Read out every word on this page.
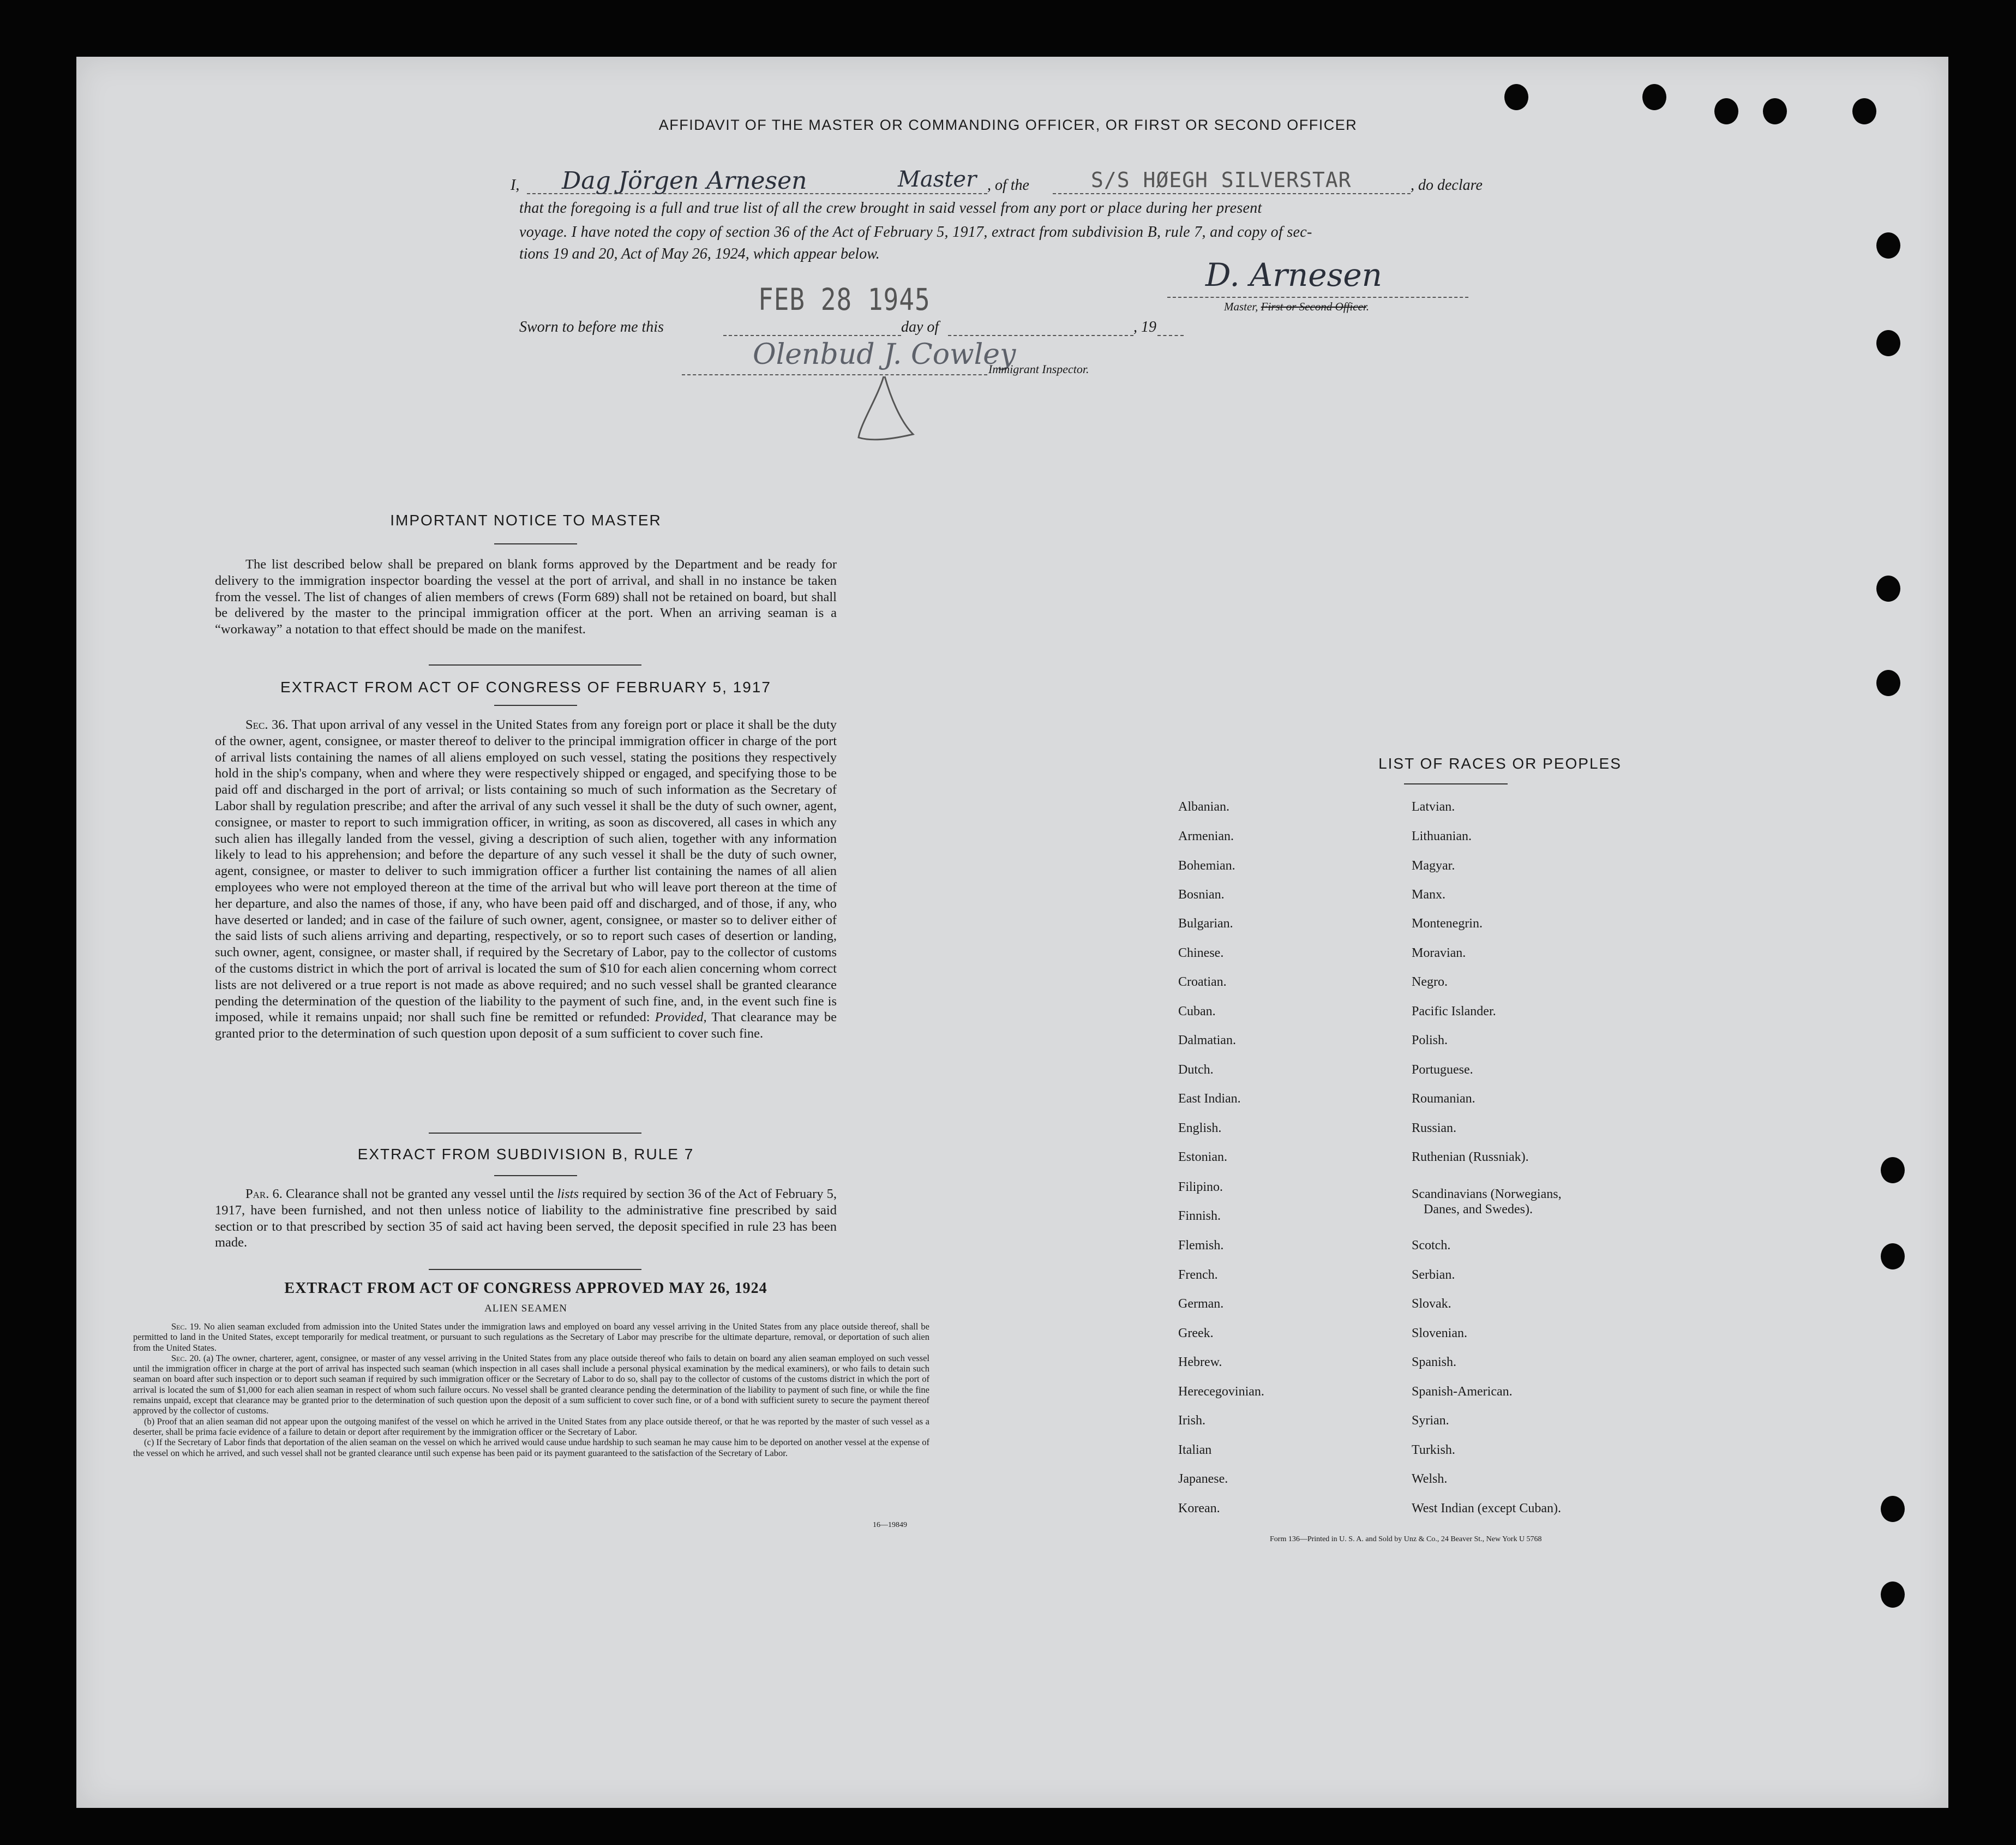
AFFIDAVIT OF THE MASTER OR COMMANDING OFFICER, OR FIRST OR SECOND OFFICER
I, Dag Jörgen Arnesen	Master , of the	S/S HØEGH SILVERSTAR	, do declare
that the foregoing is a full and true list of all the crew brought in said vessel from any port or place during her present
voyage. I have noted the copy of section 36 of the Act of February 5, 1917, extract from subdivision B, rule 7, and copy of sec-
tions 19 and 20, Act of May 26, 1924, which appear below.
D. Arnesen
Master, First or Second Officer.
FEB 28 1945
Sworn to before me this	day of	, 19
Olenbud J. Cowley
Immigrant Inspector.
IMPORTANT NOTICE TO MASTER
The list described below shall be prepared on blank forms approved by the Department and be ready for delivery to the immigration inspector boarding the vessel at the port of arrival, and shall in no instance be taken from the vessel. The list of changes of alien members of crews (Form 689) shall not be retained on board, but shall be delivered by the master to the principal immigration officer at the port. When an arriving seaman is a “workaway” a notation to that effect should be made on the manifest.
EXTRACT FROM ACT OF CONGRESS OF FEBRUARY 5, 1917
Sec. 36. That upon arrival of any vessel in the United States from any foreign port or place it shall be the duty of the owner, agent, consignee, or master thereof to deliver to the principal immigration officer in charge of the port of arrival lists containing the names of all aliens employed on such vessel, stating the positions they respectively hold in the ship's company, when and where they were respectively shipped or engaged, and specifying those to be paid off and discharged in the port of arrival; or lists containing so much of such information as the Secretary of Labor shall by regulation prescribe; and after the arrival of any such vessel it shall be the duty of such owner, agent, consignee, or master to report to such immigration officer, in writing, as soon as discovered, all cases in which any such alien has illegally landed from the vessel, giving a description of such alien, together with any information likely to lead to his apprehension; and before the departure of any such vessel it shall be the duty of such owner, agent, consignee, or master to deliver to such immigration officer a further list containing the names of all alien employees who were not employed thereon at the time of the arrival but who will leave port thereon at the time of her departure, and also the names of those, if any, who have been paid off and discharged, and of those, if any, who have deserted or landed; and in case of the failure of such owner, agent, consignee, or master so to deliver either of the said lists of such aliens arriving and departing, respectively, or so to report such cases of desertion or landing, such owner, agent, consignee, or master shall, if required by the Secretary of Labor, pay to the collector of customs of the customs district in which the port of arrival is located the sum of $10 for each alien concerning whom correct lists are not delivered or a true report is not made as above required; and no such vessel shall be granted clearance pending the determination of the question of the liability to the payment of such fine, and, in the event such fine is imposed, while it remains unpaid; nor shall such fine be remitted or refunded: Provided, That clearance may be granted prior to the determination of such question upon deposit of a sum sufficient to cover such fine.
EXTRACT FROM SUBDIVISION B, RULE 7
Par. 6. Clearance shall not be granted any vessel until the lists required by section 36 of the Act of February 5, 1917, have been furnished, and not then unless notice of liability to the administrative fine prescribed by said section or to that prescribed by section 35 of said act having been served, the deposit specified in rule 23 has been made.
EXTRACT FROM ACT OF CONGRESS APPROVED MAY 26, 1924
ALIEN SEAMEN
Sec. 19. No alien seaman excluded from admission into the United States under the immigration laws and employed on board any vessel arriving in the United States from any place outside thereof, shall be permitted to land in the United States, except temporarily for medical treatment, or pursuant to such regulations as the Secretary of Labor may prescribe for the ultimate departure, removal, or deportation of such alien from the United States.
Sec. 20. (a) The owner, charterer, agent, consignee, or master of any vessel arriving in the United States from any place outside thereof who fails to detain on board any alien seaman employed on such vessel until the immigration officer in charge at the port of arrival has inspected such seaman (which inspection in all cases shall include a personal physical examination by the medical examiners), or who fails to detain such seaman on board after such inspection or to deport such seaman if required by such immigration officer or the Secretary of Labor to do so, shall pay to the collector of customs of the customs district in which the port of arrival is located the sum of $1,000 for each alien seaman in respect of whom such failure occurs. No vessel shall be granted clearance pending the determination of the liability to payment of such fine, or while the fine remains unpaid, except that clearance may be granted prior to the determination of such question upon the deposit of a sum sufficient to cover such fine, or of a bond with sufficient surety to secure the payment thereof approved by the collector of customs.
(b) Proof that an alien seaman did not appear upon the outgoing manifest of the vessel on which he arrived in the United States from any place outside thereof, or that he was reported by the master of such vessel as a deserter, shall be prima facie evidence of a failure to detain or deport after requirement by the immigration officer or the Secretary of Labor.
(c) If the Secretary of Labor finds that deportation of the alien seaman on the vessel on which he arrived would cause undue hardship to such seaman he may cause him to be deported on another vessel at the expense of the vessel on which he arrived, and such vessel shall not be granted clearance until such expense has been paid or its payment guaranteed to the satisfaction of the Secretary of Labor.
16—19849
LIST OF RACES OR PEOPLES
Albanian.
Armenian.
Bohemian.
Bosnian.
Bulgarian.
Chinese.
Croatian.
Cuban.
Dalmatian.
Dutch.
East Indian.
English.
Estonian.
Filipino.
Finnish.
Flemish.
French.
German.
Greek.
Hebrew.
Herecegovinian.
Irish.
Italian
Japanese.
Korean.
Latvian.
Lithuanian.
Magyar.
Manx.
Montenegrin.
Moravian.
Negro.
Pacific Islander.
Polish.
Portuguese.
Roumanian.
Russian.
Ruthenian (Russniak).
Scandinavians (Norwegians,
Danes, and Swedes).
Scotch.
Serbian.
Slovak.
Slovenian.
Spanish.
Spanish-American.
Syrian.
Turkish.
Welsh.
West Indian (except Cuban).
Form 136—Printed in U. S. A. and Sold by Unz & Co., 24 Beaver St., New York U 5768
